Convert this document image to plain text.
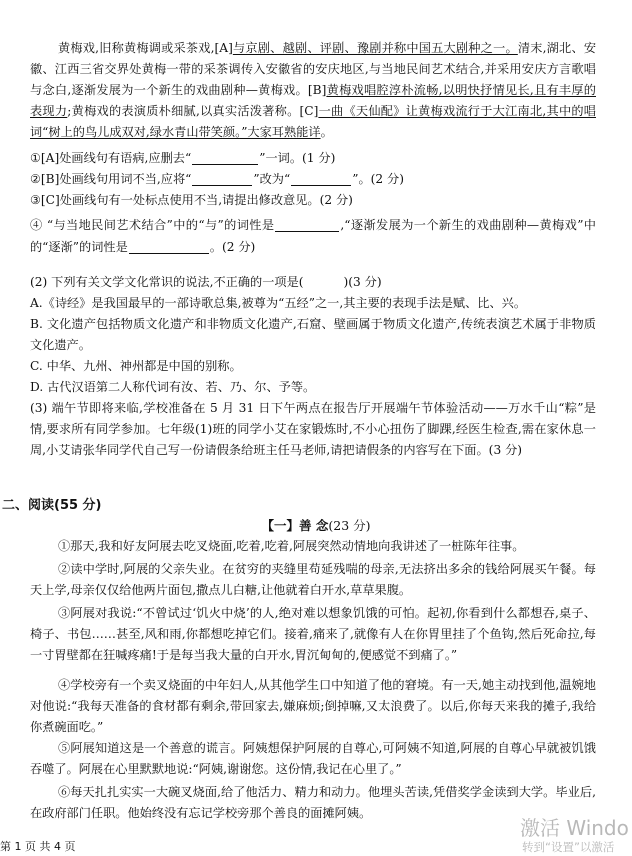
黄梅戏,旧称黄梅调或采茶戏,[A]与京剧、越剧、评剧、豫剧并称中国五大剧种之一。清末,湖北、安徽、江西三省交界处黄梅一带的采茶调传入安徽省的安庆地区,与当地民间艺术结合,并采用安庆方言歌唱与念白,逐渐发展为一个新生的戏曲剧种—黄梅戏。[B]黄梅戏唱腔淳朴流畅,以明快抒情见长,且有丰厚的表现力;黄梅戏的表演质朴细腻,以真实活泼著称。[C]一曲《天仙配》让黄梅戏流行于大江南北,其中的唱词“树上的鸟儿成双对,绿水青山带笑颜。”大家耳熟能详。

①[A]处画线句有语病,应删去“	”一词。(1 分)

②[B]处画线句用词不当,应将“	”改为“	”。(2 分)

③[C]处画线句有一处标点使用不当,请提出修改意见。(2 分)

④ “与当地民间艺术结合”中的“与”的词性是	,“逐渐发展为一个新生的戏曲剧种—黄梅戏”中的“逐渐”的词性是	。(2 分)

(2) 下列有关文学文化常识的说法,不正确的一项是(	)(3 分)

A.《诗经》是我国最早的一部诗歌总集,被尊为“五经”之一,其主要的表现手法是赋、比、兴。

B. 文化遗产包括物质文化遗产和非物质文化遗产,石窟、壁画属于物质文化遗产,传统表演艺术属于非物质文化遗产。

C. 中华、九州、神州都是中国的别称。

D. 古代汉语第二人称代词有汝、若、乃、尔、予等。

(3) 端午节即将来临,学校准备在 5 月 31 日下午两点在报告厅开展端午节体验活动——万水千山“粽”是情,要求所有同学参加。七年级(1)班的同学小艾在家锻炼时,不小心扭伤了脚踝,经医生检查,需在家休息一周,小艾请张华同学代自己写一份请假条给班主任马老师,请把请假条的内容写在下面。(3 分)

二、阅读(55 分)
【一】善 念(23 分)

①那天,我和好友阿展去吃叉烧面,吃着,吃着,阿展突然动情地向我讲述了一桩陈年往事。

②读中学时,阿展的父亲失业。在贫穷的夹缝里苟延残喘的母亲,无法挤出多余的钱给阿展买午餐。每天上学,母亲仅仅给他两片面包,撒点儿白糖,让他就着白开水,草草果腹。

③阿展对我说:“不曾试过‘饥火中烧’的人,绝对难以想象饥饿的可怕。起初,你看到什么都想吞,桌子、椅子、书包……甚至,风和雨,你都想吃掉它们。接着,痛来了,就像有人在你胃里挂了个鱼钩,然后死命拉,每一寸胃壁都在狂喊疼痛!于是每当我大量的白开水,胃沉甸甸的,便感觉不到痛了。”

④学校旁有一个卖叉烧面的中年妇人,从其他学生口中知道了他的窘境。有一天,她主动找到他,温婉地对他说:“我每天准备的食材都有剩余,带回家去,嫌麻烦;倒掉嘛,又太浪费了。以后,你每天来我的摊子,我给你煮碗面吃。”

⑤阿展知道这是一个善意的谎言。阿姨想保护阿展的自尊心,可阿姨不知道,阿展的自尊心早就被饥饿吞噬了。阿展在心里默默地说:“阿姨,谢谢您。这份情,我记在心里了。”

⑥每天扎扎实实一大碗叉烧面,给了他活力、精力和动力。他埋头苦读,凭借奖学金读到大学。毕业后,在政府部门任职。他始终没有忘记学校旁那个善良的面摊阿姨。

第 1 页 共 4 页
激活 Windo
转到“设置”以激活
